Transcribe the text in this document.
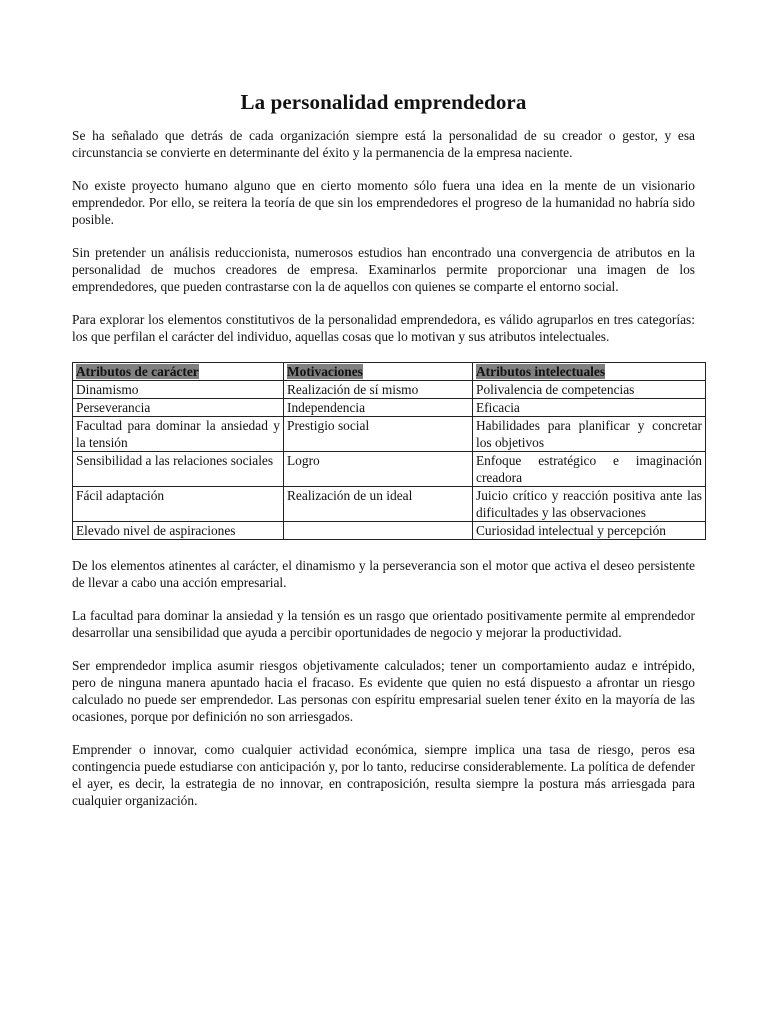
La personalidad emprendedora

Se ha señalado que detrás de cada organización siempre está la personalidad de su creador o gestor, y esa circunstancia se convierte en determinante del éxito y la permanencia de la empresa naciente.

No existe proyecto humano alguno que en cierto momento sólo fuera una idea en la mente de un visionario emprendedor. Por ello, se reitera la teoría de que sin los emprendedores el progreso de la humanidad no habría sido posible.

Sin pretender un análisis reduccionista, numerosos estudios han encontrado una convergencia de atributos en la personalidad de muchos creadores de empresa. Examinarlos permite proporcionar una imagen de los emprendedores, que pueden contrastarse con la de aquellos con quienes se comparte el entorno social.

Para explorar los elementos constitutivos de la personalidad emprendedora, es válido agruparlos en tres categorías: los que perfilan el carácter del individuo, aquellas cosas que lo motivan y sus atributos intelectuales.

Atributos de carácter	Motivaciones	Atributos intelectuales
Dinamismo	Realización de sí mismo	Polivalencia de competencias
Perseverancia	Independencia	Eficacia
Facultad para dominar la ansiedad y la tensión	Prestigio social	Habilidades para planificar y concretar los objetivos
Sensibilidad a las relaciones sociales	Logro	Enfoque estratégico e imaginación creadora
Fácil adaptación	Realización de un ideal	Juicio crítico y reacción positiva ante las dificultades y las observaciones
Elevado nivel de aspiraciones		Curiosidad intelectual y percepción

De los elementos atinentes al carácter, el dinamismo y la perseverancia son el motor que activa el deseo persistente de llevar a cabo una acción empresarial.

La facultad para dominar la ansiedad y la tensión es un rasgo que orientado positivamente permite al emprendedor desarrollar una sensibilidad que ayuda a percibir oportunidades de negocio y mejorar la productividad.

Ser emprendedor implica asumir riesgos objetivamente calculados; tener un comportamiento audaz e intrépido, pero de ninguna manera apuntado hacia el fracaso. Es evidente que quien no está dispuesto a afrontar un riesgo calculado no puede ser emprendedor. Las personas con espíritu empresarial suelen tener éxito en la mayoría de las ocasiones, porque por definición no son arriesgados.

Emprender o innovar, como cualquier actividad económica, siempre implica una tasa de riesgo, peros esa contingencia puede estudiarse con anticipación y, por lo tanto, reducirse considerablemente. La política de defender el ayer, es decir, la estrategia de no innovar, en contraposición, resulta siempre la postura más arriesgada para cualquier organización.
